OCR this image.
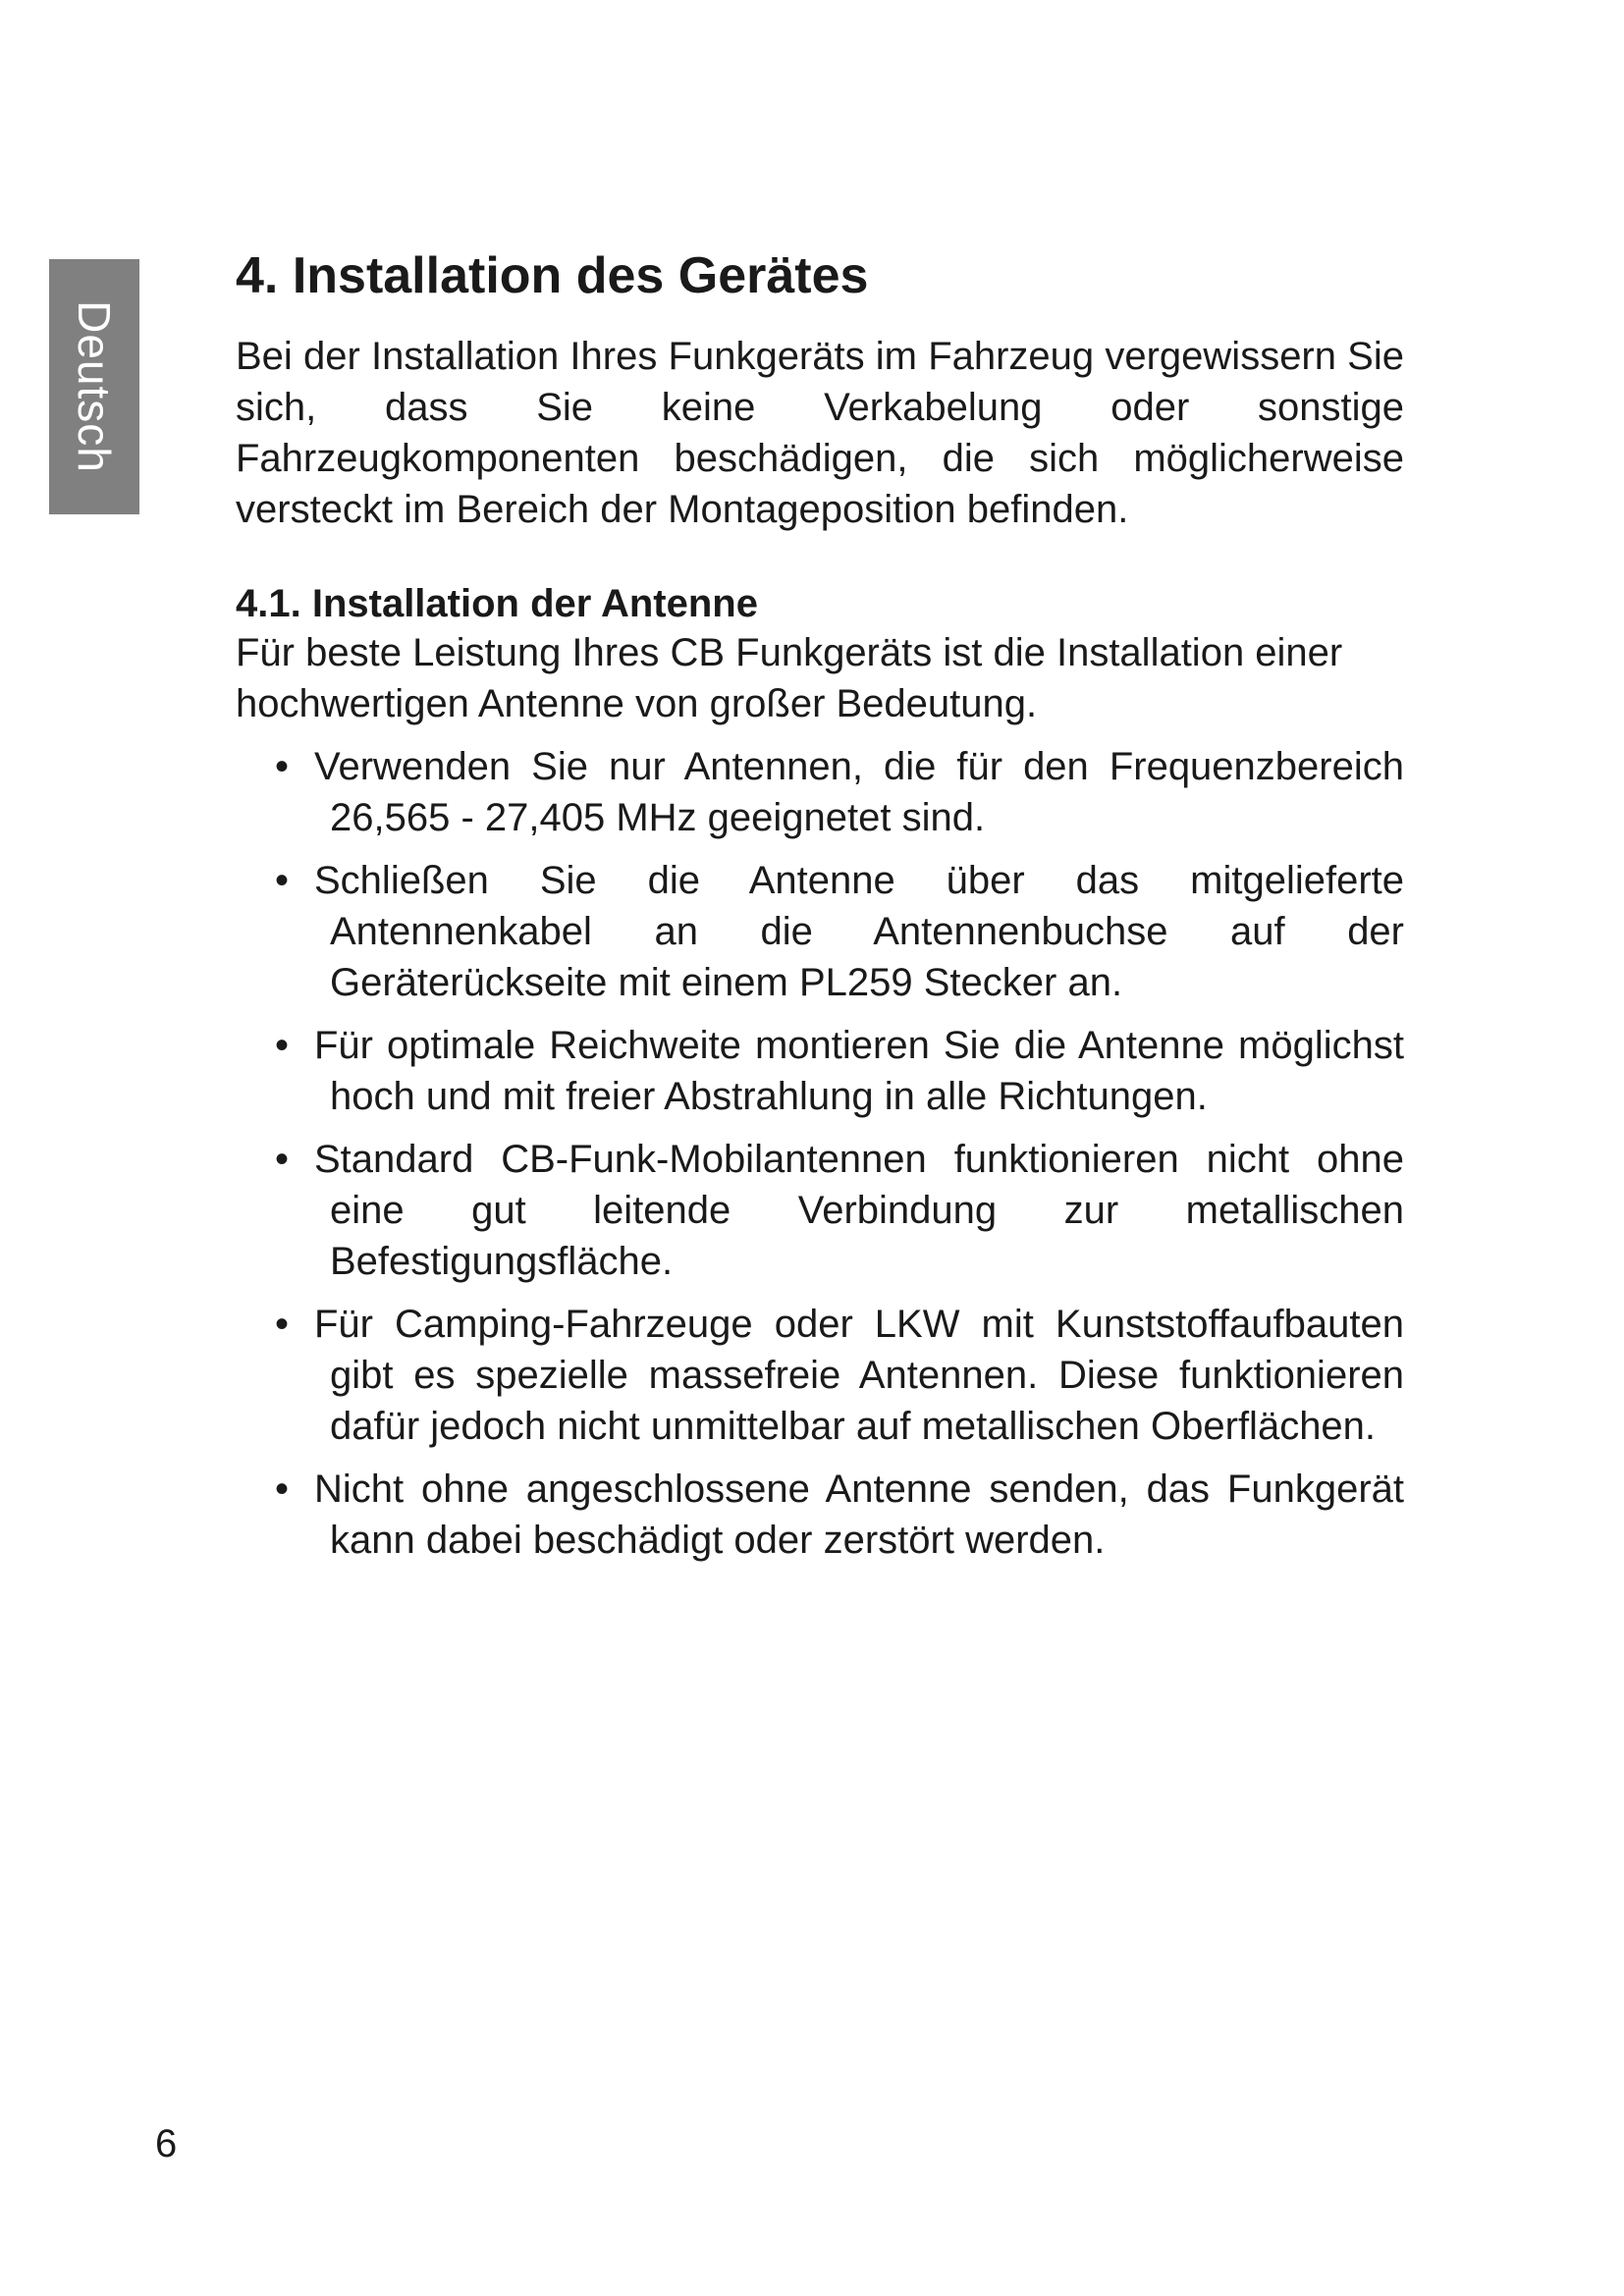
Deutsch
4. Installation des Gerätes

Bei der Installation Ihres Funkgeräts im Fahrzeug vergewissern Sie sich, dass Sie keine Verkabelung oder sonstige Fahrzeugkomponenten beschädigen, die sich möglicherweise versteckt im Bereich der Montageposition befinden.

4.1. Installation der Antenne

Für beste Leistung Ihres CB Funkgeräts ist die Installation einer hochwertigen Antenne von großer Bedeutung.

• Verwenden Sie nur Antennen, die für den Frequenzbereich 26,565 - 27,405 MHz geeignetet sind.
• Schließen Sie die Antenne über das mitgelieferte Antennenkabel an die Antennenbuchse auf der Geräterückseite mit einem PL259 Stecker an.
• Für optimale Reichweite montieren Sie die Antenne möglichst hoch und mit freier Abstrahlung in alle Richtungen.
• Standard CB-Funk-Mobilantennen funktionieren nicht ohne eine gut leitende Verbindung zur metallischen Befestigungsfläche.
• Für Camping-Fahrzeuge oder LKW mit Kunststoffaufbauten gibt es spezielle massefreie Antennen. Diese funktionieren dafür jedoch nicht unmittelbar auf metallischen Oberflächen.
• Nicht ohne angeschlossene Antenne senden, das Funkgerät kann dabei beschädigt oder zerstört werden.
6
